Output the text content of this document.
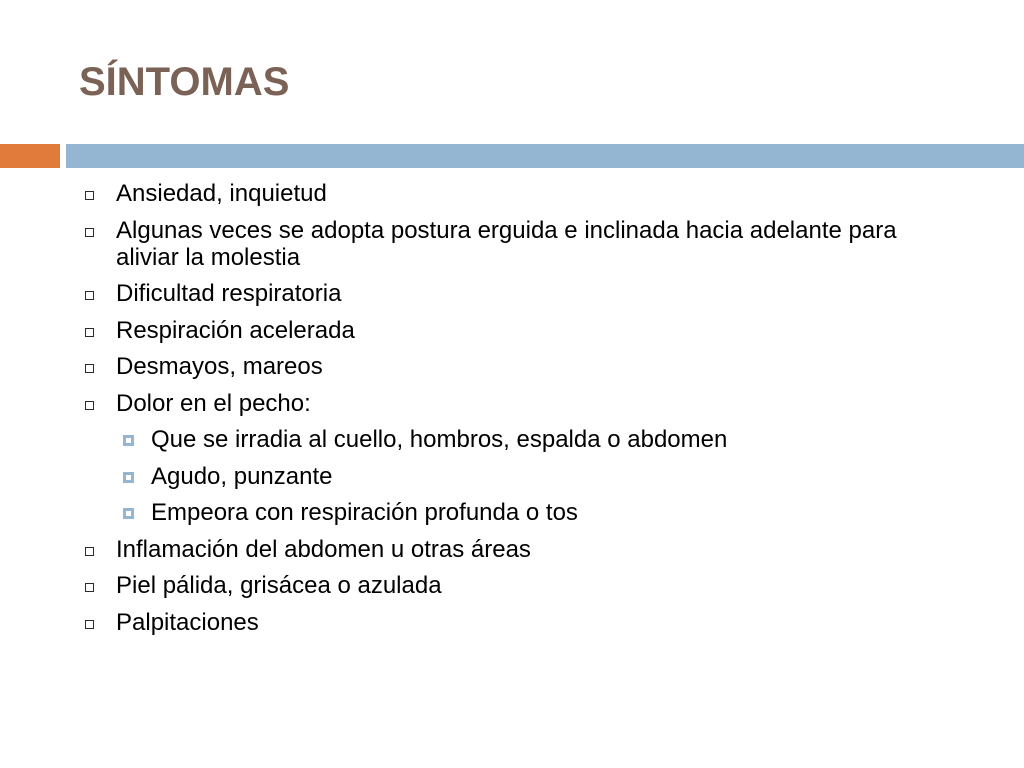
SÍNTOMAS
Ansiedad, inquietud
Algunas veces se adopta postura erguida e inclinada hacia adelante para aliviar la molestia
Dificultad respiratoria
Respiración acelerada
Desmayos, mareos
Dolor en el pecho:
Que se irradia al cuello, hombros, espalda o abdomen
Agudo, punzante
Empeora con respiración profunda o tos
Inflamación del abdomen u otras áreas
Piel pálida, grisácea o azulada
Palpitaciones
